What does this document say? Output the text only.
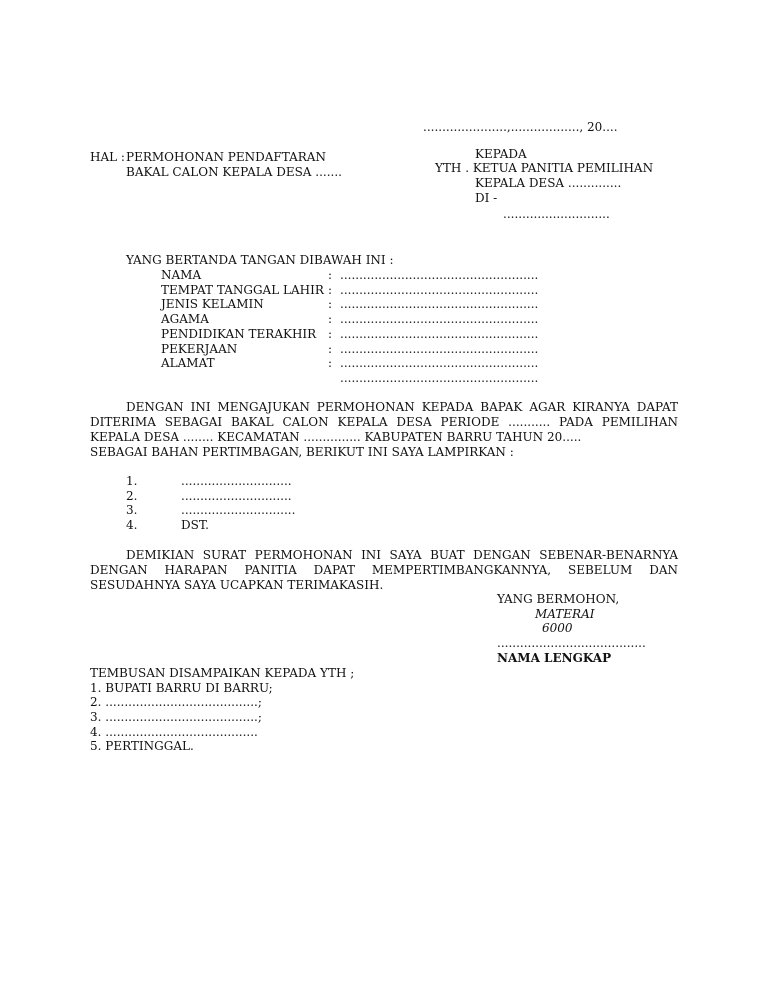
......................,.................., 20....
HAL : PERMOHONAN PENDAFTARAN
BAKAL CALON KEPALA DESA .......
KEPADA
YTH . KETUA PANITIA PEMILIHAN
KEPALA DESA ..............
DI -
............................
YANG BERTANDA TANGAN DIBAWAH INI :
NAMA	: ....................................................
TEMPAT TANGGAL LAHIR : ....................................................
JENIS KELAMIN	: ....................................................
AGAMA	: ....................................................
PENDIDIKAN TERAKHIR : ....................................................
PEKERJAAN	: ....................................................
ALAMAT	: ....................................................
....................................................
DENGAN INI MENGAJUKAN PERMOHONAN KEPADA BAPAK AGAR KIRANYA DAPAT
DITERIMA SEBAGAI BAKAL CALON KEPALA DESA PERIODE ........... PADA PEMILIHAN
KEPALA DESA ........ KECAMATAN ............... KABUPATEN BARRU TAHUN 20.....
SEBAGAI BAHAN PERTIMBAGAN, BERIKUT INI SAYA LAMPIRKAN :
1.	.............................
2.	.............................
3.	..............................
4.	DST.
DEMIKIAN SURAT PERMOHONAN INI SAYA BUAT DENGAN SEBENAR-BENARNYA
DENGAN HARAPAN PANITIA DAPAT MEMPERTIMBANGKANNYA, SEBELUM DAN
SESUDAHNYA SAYA UCAPKAN TERIMAKASIH.
YANG BERMOHON,
MATERAI
6000
.......................................
NAMA LENGKAP
TEMBUSAN DISAMPAIKAN KEPADA YTH ;
1. BUPATI BARRU DI BARRU;
2. ........................................;
3. ........................................;
4. ........................................
5. PERTINGGAL.
